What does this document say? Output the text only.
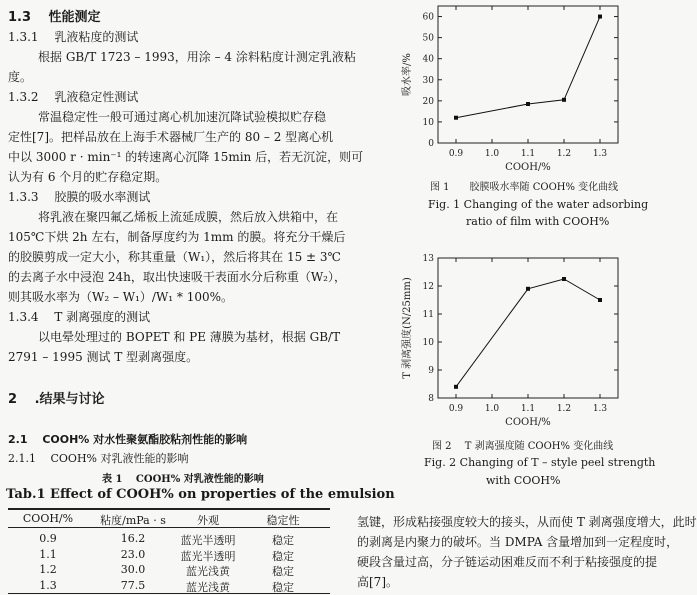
1.3　 性能测定
1.3.1　 乳液粘度的测试
根据 GB/T 1723 – 1993，用涂 – 4 涂料粘度计测定乳液粘
度。
1.3.2　 乳液稳定性测试
常温稳定性一般可通过离心机加速沉降试验模拟贮存稳
定性[7]。把样品放在上海手术器械厂生产的 80 – 2 型离心机
中以 3000 r · min⁻¹ 的转速离心沉降 15min 后，若无沉淀，则可
认为有 6 个月的贮存稳定期。
1.3.3　 胶膜的吸水率测试
将乳液在聚四氟乙烯板上流延成膜，然后放入烘箱中，在
105℃下烘 2h 左右，制备厚度约为 1mm 的膜。将充分干燥后
的胶膜剪成一定大小，称其重量（W₁），然后将其在 15 ± 3℃
的去离子水中浸泡 24h，取出快速吸干表面水分后称重（W₂），
则其吸水率为（W₂ – W₁）/W₁ * 100%。
1.3.4　 T 剥离强度的测试
以电晕处理过的 BOPET 和 PE 薄膜为基材，根据 GB/T
2791 – 1995 测试 T 型剥离强度。
2　 .结果与讨论
2.1　 COOH% 对水性聚氨酯胶粘剂性能的影响
2.1.1　 COOH% 对乳液性能的影响
表 1　 COOH% 对乳液性能的影响
Tab.1 Effect of COOH% on properties of the emulsion
COOH/%	粘度/mPa · s	外观	稳定性
0.9	16.2	蓝光半透明	稳定
1.1	23.0	蓝光半透明	稳定
1.2	30.0	蓝光浅黄	稳定
1.3	77.5	蓝光浅黄	稳定
0.9 1.0 1.1 1.2 1.3
0
10
20
30
40
50
60
COOH/%
吸水率/%
图 1　　胶膜吸水率随 COOH% 变化曲线
Fig. 1 Changing of the water adsorbing
ratio of film with COOH%
0.9 1.0 1.1 1.2 1.3
8
9
10
11
12
13
COOH/%
T 剥离强度(N/25mm)
图 2　 T 剥离强度随 COOH% 变化曲线
Fig. 2 Changing of T – style peel strength
with COOH%
氢键，形成粘接强度较大的接头，从而使 T 剥离强度增大，此时
的剥离是内聚力的破坏。当 DMPA 含量增加到一定程度时，
硬段含量过高，分子链运动困难反而不利于粘接强度的提
高[7]。
